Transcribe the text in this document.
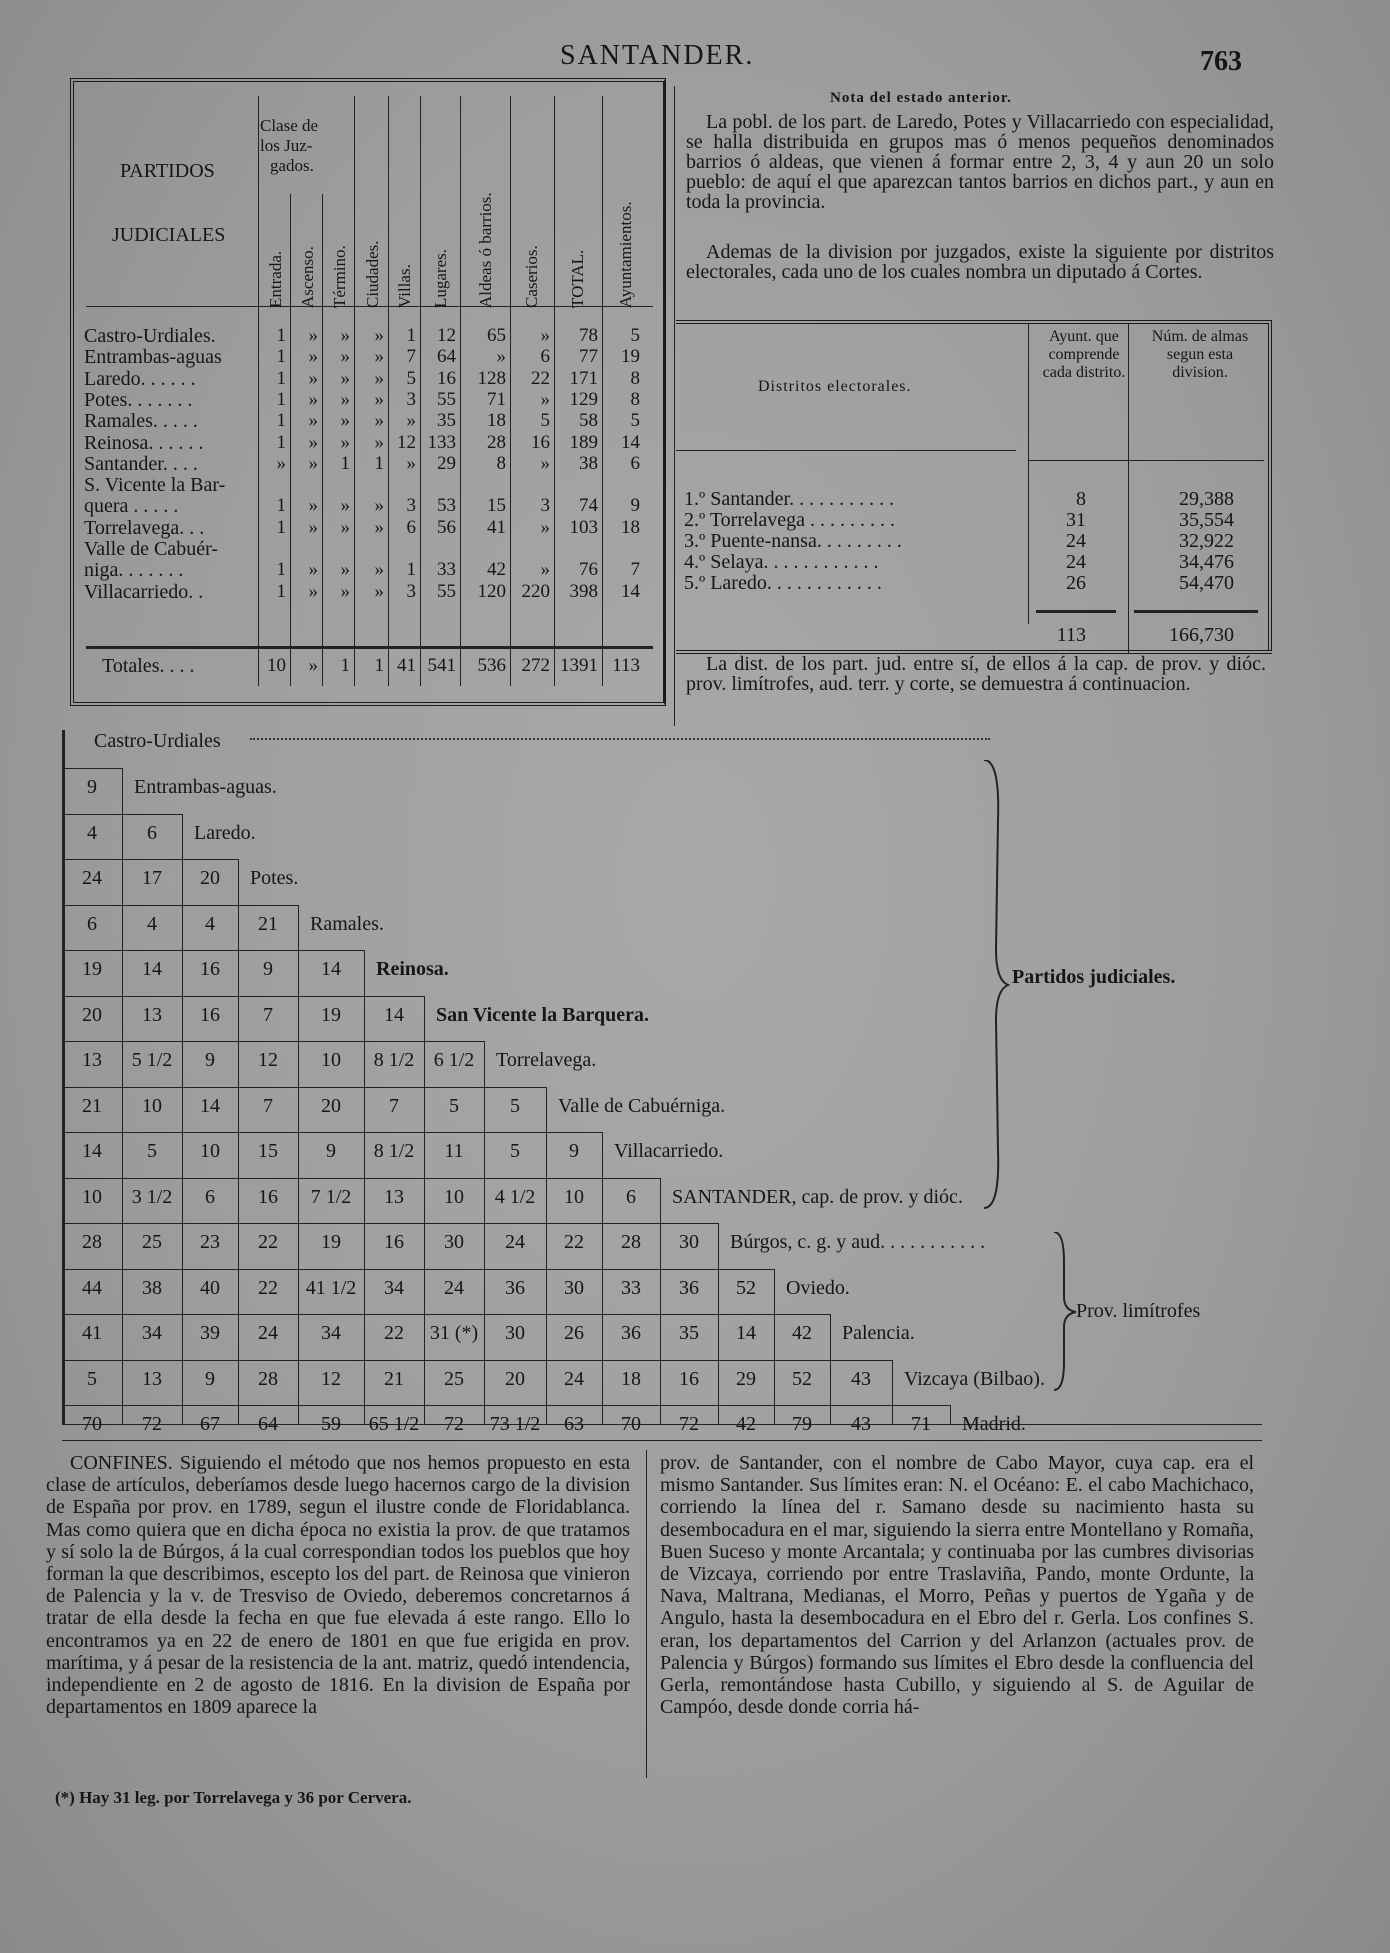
SANTANDER.	763
PARTIDOS
JUDICIALES
Clase de
los Juz-
gados.
Entrada. Ascenso. Término. Ciudades. Villas. Lugares. Aldeas ó barrios. Caserios. TOTAL. Ayuntamientos.
Castro-Urdiales.	1	»	»	»	1	12	65	»	78	5
Entrambas-aguas	1	»	»	»	7	64	»	6	77	19
Laredo. . . . . .	1	»	»	»	5	16	128	22	171	8
Potes. . . . . . .	1	»	»	»	3	55	71	»	129	8
Ramales. . . . .	1	»	»	»	»	35	18	5	58	5
Reinosa. . . . . .	1	»	»	» 12 133	28	16	189	14
Santander. . . .	»	»	1	1	»	29	8	»	38	6
S. Vicente la Bar-
quera . . . . .	1	»	»	»	3	53	15	3	74	9
Torrelavega. . .	1	»	»	»	6	56	41	»	103	18
Valle de Cabuér-
niga. . . . . . .	1	»	»	»	1	33	42	»	76	7
Villacarriedo. .	1	»	»	»	3	55	120 220	398	14
Totales. . . .	10	»	1	1 41 541	536 272 1391 113
Nota del estado anterior.
La pobl. de los part. de Laredo, Potes y Villacarriedo con especialidad, se halla distribuida en grupos mas ó menos pequeños denominados barrios ó aldeas, que vienen á formar entre 2, 3, 4 y aun 20 un solo pueblo: de aquí el que aparezcan tantos barrios en dichos part., y aun en toda la provincia.
Ademas de la division por juzgados, existe la siguiente por distritos electorales, cada uno de los cuales nombra un diputado á Cortes.
Distritos electorales.
Ayunt. que comprende cada distrito.
Núm. de almas segun esta division.
1.º Santander. . . . . . . . . . .	8	29,388
2.º Torrelavega . . . . . . . . .	31	35,554
3.º Puente-nansa. . . . . . . . .	24	32,922
4.º Selaya. . . . . . . . . . . .	24	34,476
5.º Laredo. . . . . . . . . . . .	26	54,470
113	166,730
La dist. de los part. jud. entre sí, de ellos á la cap. de prov. y dióc. prov. limítrofes, aud. terr. y corte, se demuestra á continuacion.
Castro-Urdiales
9	Entrambas-aguas.
4	6	Laredo.
24	17	20	Potes.
6	4	4	21	Ramales.
19	14	16	9	14	Reinosa.
20	13	16	7	19	14	San Vicente la Barquera.
13	5 1/2	9	12	10	8 1/2 6 1/2	Torrelavega.
21	10	14	7	20	7	5	5	Valle de Cabuérniga.
14	5	10	15	9	8 1/2	11	5	9	Villacarriedo.
10	3 1/2	6	16	7 1/2	13	10	4 1/2	10	6	SANTANDER, cap. de prov. y dióc.
28	25	23	22	19	16	30	24	22	28	30	Búrgos, c. g. y aud. . . . . . . . . . .
44	38	40	22	41 1/2	34	24	36	30	33	36	52	Oviedo.
41	34	39	24	34	22	31 (*)	30	26	36	35	14	42	Palencia.
5	13	9	28	12	21	25	20	24	18	16	29	52	43	Vizcaya (Bilbao).
70	72	67	64	59	65 1/2	72	73 1/2	63	70	72	42	79	43	71	Madrid.
Partidos judiciales.
Prov. limítrofes
CONFINES. Siguiendo el método que nos hemos propuesto en esta clase de artículos, deberíamos desde luego hacernos cargo de la division de España por prov. en 1789, segun el ilustre conde de Floridablanca. Mas como quiera que en dicha época no existia la prov. de que tratamos y sí solo la de Búrgos, á la cual correspondian todos los pueblos que hoy forman la que describimos, escepto los del part. de Reinosa que vinieron de Palencia y la v. de Tresviso de Oviedo, deberemos concretarnos á tratar de ella desde la fecha en que fue elevada á este rango. Ello lo encontramos ya en 22 de enero de 1801 en que fue erigida en prov. marítima, y á pesar de la resistencia de la ant. matriz, quedó intendencia, independiente en 2 de agosto de 1816. En la division de España por departamentos en 1809 aparece la
prov. de Santander, con el nombre de Cabo Mayor, cuya cap. era el mismo Santander. Sus límites eran: N. el Océano: E. el cabo Machichaco, corriendo la línea del r. Samano desde su nacimiento hasta su desembocadura en el mar, siguiendo la sierra entre Montellano y Romaña, Buen Suceso y monte Arcantala; y continuaba por las cumbres divisorias de Vizcaya, corriendo por entre Traslaviña, Pando, monte Ordunte, la Nava, Maltrana, Medianas, el Morro, Peñas y puertos de Ygaña y de Angulo, hasta la desembocadura en el Ebro del r. Gerla. Los confines S. eran, los departamentos del Carrion y del Arlanzon (actuales prov. de Palencia y Búrgos) formando sus límites el Ebro desde la confluencia del Gerla, remontándose hasta Cubillo, y siguiendo al S. de Aguilar de Campóo, desde donde corria há-
(*) Hay 31 leg. por Torrelavega y 36 por Cervera.
